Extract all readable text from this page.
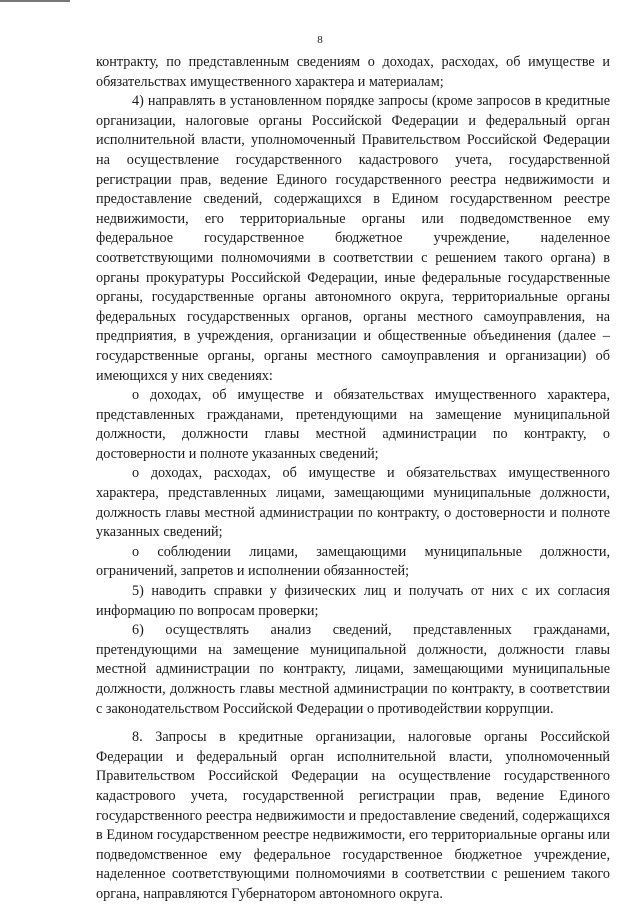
8

контракту, по представленным сведениям о доходах, расходах, об имуществе и обязательствах имущественного характера и материалам;

4) направлять в установленном порядке запросы (кроме запросов в кредитные организации, налоговые органы Российской Федерации и федеральный орган исполнительной власти, уполномоченный Правительством Российской Федерации на осуществление государственного кадастрового учета, государственной регистрации прав, ведение Единого государственного реестра недвижимости и предоставление сведений, содержащихся в Едином государственном реестре недвижимости, его территориальные органы или подведомственное ему федеральное государственное бюджетное учреждение, наделенное соответствующими полномочиями в соответствии с решением такого органа) в органы прокуратуры Российской Федерации, иные федеральные государственные органы, государственные органы автономного округа, территориальные органы федеральных государственных органов, органы местного самоуправления, на предприятия, в учреждения, организации и общественные объединения (далее – государственные органы, органы местного самоуправления и организации) об имеющихся у них сведениях:

о доходах, об имуществе и обязательствах имущественного характера, представленных гражданами, претендующими на замещение муниципальной должности, должности главы местной администрации по контракту, о достоверности и полноте указанных сведений;

о доходах, расходах, об имуществе и обязательствах имущественного характера, представленных лицами, замещающими муниципальные должности, должность главы местной администрации по контракту, о достоверности и полноте указанных сведений;

о соблюдении лицами, замещающими муниципальные должности, ограничений, запретов и исполнении обязанностей;

5) наводить справки у физических лиц и получать от них с их согласия информацию по вопросам проверки;

6) осуществлять анализ сведений, представленных гражданами, претендующими на замещение муниципальной должности, должности главы местной администрации по контракту, лицами, замещающими муниципальные должности, должность главы местной администрации по контракту, в соответствии с законодательством Российской Федерации о противодействии коррупции.

8. Запросы в кредитные организации, налоговые органы Российской Федерации и федеральный орган исполнительной власти, уполномоченный Правительством Российской Федерации на осуществление государственного кадастрового учета, государственной регистрации прав, ведение Единого государственного реестра недвижимости и предоставление сведений, содержащихся в Едином государственном реестре недвижимости, его территориальные органы или подведомственное ему федеральное государственное бюджетное учреждение, наделенное соответствующими полномочиями в соответствии с решением такого органа, направляются Губернатором автономного округа.
